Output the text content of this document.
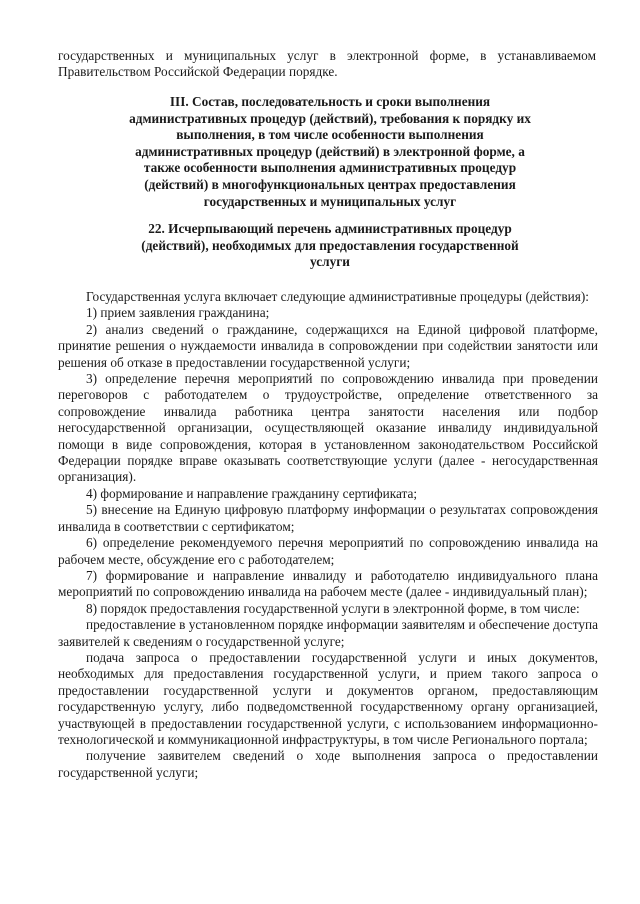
государственных и муниципальных услуг в электронной форме, в устанавливаемом Правительством Российской Федерации порядке.
III. Состав, последовательность и сроки выполнения административных процедур (действий), требования к порядку их выполнения, в том числе особенности выполнения административных процедур (действий) в электронной форме, а также особенности выполнения административных процедур (действий) в многофункциональных центрах предоставления государственных и муниципальных услуг
22. Исчерпывающий перечень административных процедур (действий), необходимых для предоставления государственной услуги

Государственная услуга включает следующие административные процедуры (действия):

1) прием заявления гражданина;

2) анализ сведений о гражданине, содержащихся на Единой цифровой платформе, принятие решения о нуждаемости инвалида в сопровождении при содействии занятости или решения об отказе в предоставлении государственной услуги;

3) определение перечня мероприятий по сопровождению инвалида при проведении переговоров с работодателем о трудоустройстве, определение ответственного за сопровождение инвалида работника центра занятости населения или подбор негосударственной организации, осуществляющей оказание инвалиду индивидуальной помощи в виде сопровождения, которая в установленном законодательством Российской Федерации порядке вправе оказывать соответствующие услуги (далее - негосударственная организация).

4) формирование и направление гражданину сертификата;

5) внесение на Единую цифровую платформу информации о результатах сопровождения инвалида в соответствии с сертификатом;

6) определение рекомендуемого перечня мероприятий по сопровождению инвалида на рабочем месте, обсуждение его с работодателем;

7) формирование и направление инвалиду и работодателю индивидуального плана мероприятий по сопровождению инвалида на рабочем месте (далее - индивидуальный план);

8) порядок предоставления государственной услуги в электронной форме, в том числе:

предоставление в установленном порядке информации заявителям и обеспечение доступа заявителей к сведениям о государственной услуге;

подача запроса о предоставлении государственной услуги и иных документов, необходимых для предоставления государственной услуги, и прием такого запроса о предоставлении государственной услуги и документов органом, предоставляющим государственную услугу, либо подведомственной государственному органу организацией, участвующей в предоставлении государственной услуги, с использованием информационно-технологической и коммуникационной инфраструктуры, в том числе Регионального портала;

получение заявителем сведений о ходе выполнения запроса о предоставлении государственной услуги;
